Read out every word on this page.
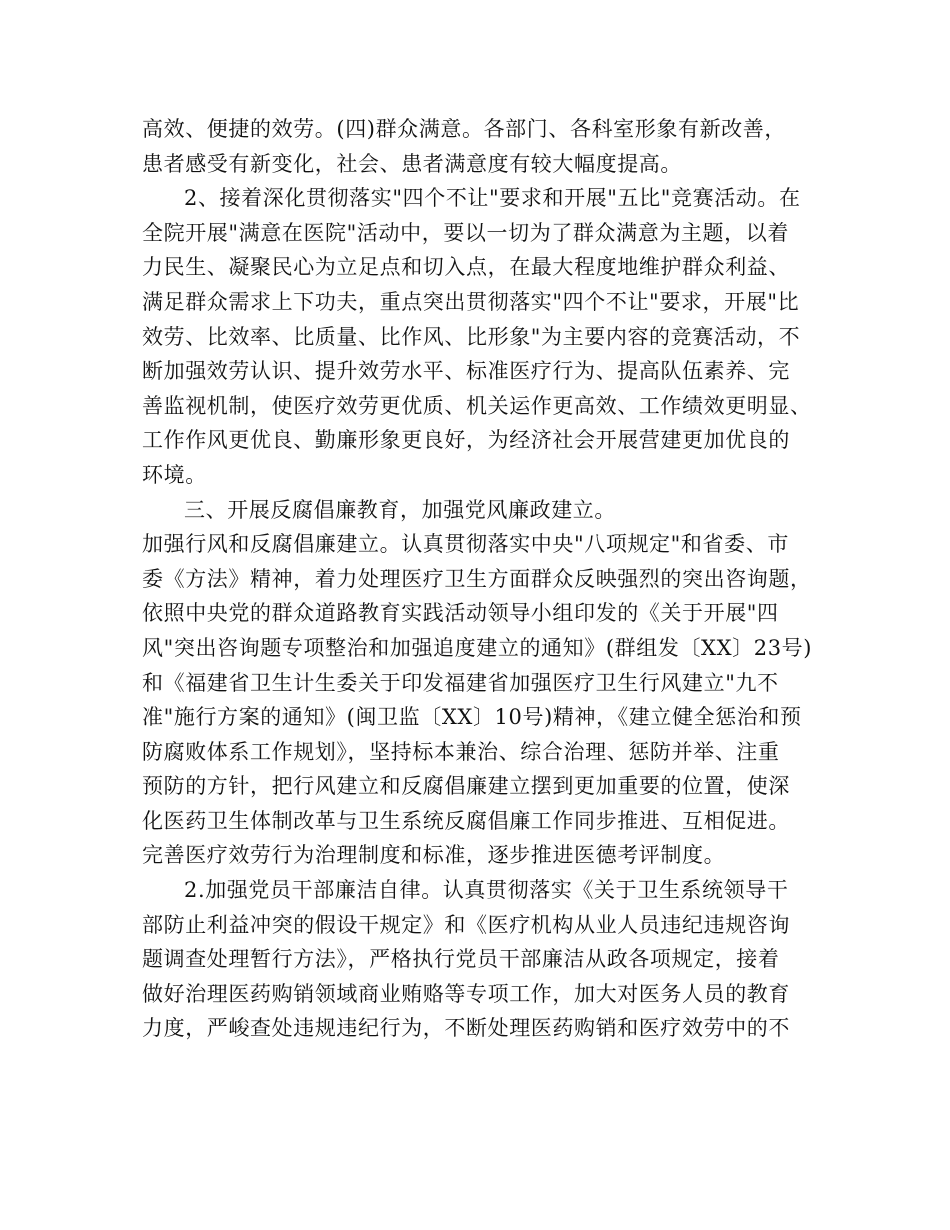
高效、便捷的效劳。(四)群众满意。各部门、各科室形象有新改善，
患者感受有新变化，社会、患者满意度有较大幅度提高。
2、接着深化贯彻落实"四个不让"要求和开展"五比"竞赛活动。在
全院开展"满意在医院"活动中，要以一切为了群众满意为主题，以着
力民生、凝聚民心为立足点和切入点，在最大程度地维护群众利益、
满足群众需求上下功夫，重点突出贯彻落实"四个不让"要求，开展"比
效劳、比效率、比质量、比作风、比形象"为主要内容的竞赛活动，不
断加强效劳认识、提升效劳水平、标准医疗行为、提高队伍素养、完
善监视机制，使医疗效劳更优质、机关运作更高效、工作绩效更明显、
工作作风更优良、勤廉形象更良好，为经济社会开展营建更加优良的
环境。
三、开展反腐倡廉教育，加强党风廉政建立。
加强行风和反腐倡廉建立。认真贯彻落实中央"八项规定"和省委、市
委《方法》精神，着力处理医疗卫生方面群众反映强烈的突出咨询题，
依照中央党的群众道路教育实践活动领导小组印发的《关于开展"四
风"突出咨询题专项整治和加强追度建立的通知》(群组发〔XX〕23号)
和《福建省卫生计生委关于印发福建省加强医疗卫生行风建立"九不
准"施行方案的通知》(闽卫监〔XX〕10号)精神，《建立健全惩治和预
防腐败体系工作规划》，坚持标本兼治、综合治理、惩防并举、注重
预防的方针，把行风建立和反腐倡廉建立摆到更加重要的位置，使深
化医药卫生体制改革与卫生系统反腐倡廉工作同步推进、互相促进。
完善医疗效劳行为治理制度和标准，逐步推进医德考评制度。
2.加强党员干部廉洁自律。认真贯彻落实《关于卫生系统领导干
部防止利益冲突的假设干规定》和《医疗机构从业人员违纪违规咨询
题调查处理暂行方法》，严格执行党员干部廉洁从政各项规定，接着
做好治理医药购销领域商业贿赂等专项工作，加大对医务人员的教育
力度，严峻查处违规违纪行为，不断处理医药购销和医疗效劳中的不
